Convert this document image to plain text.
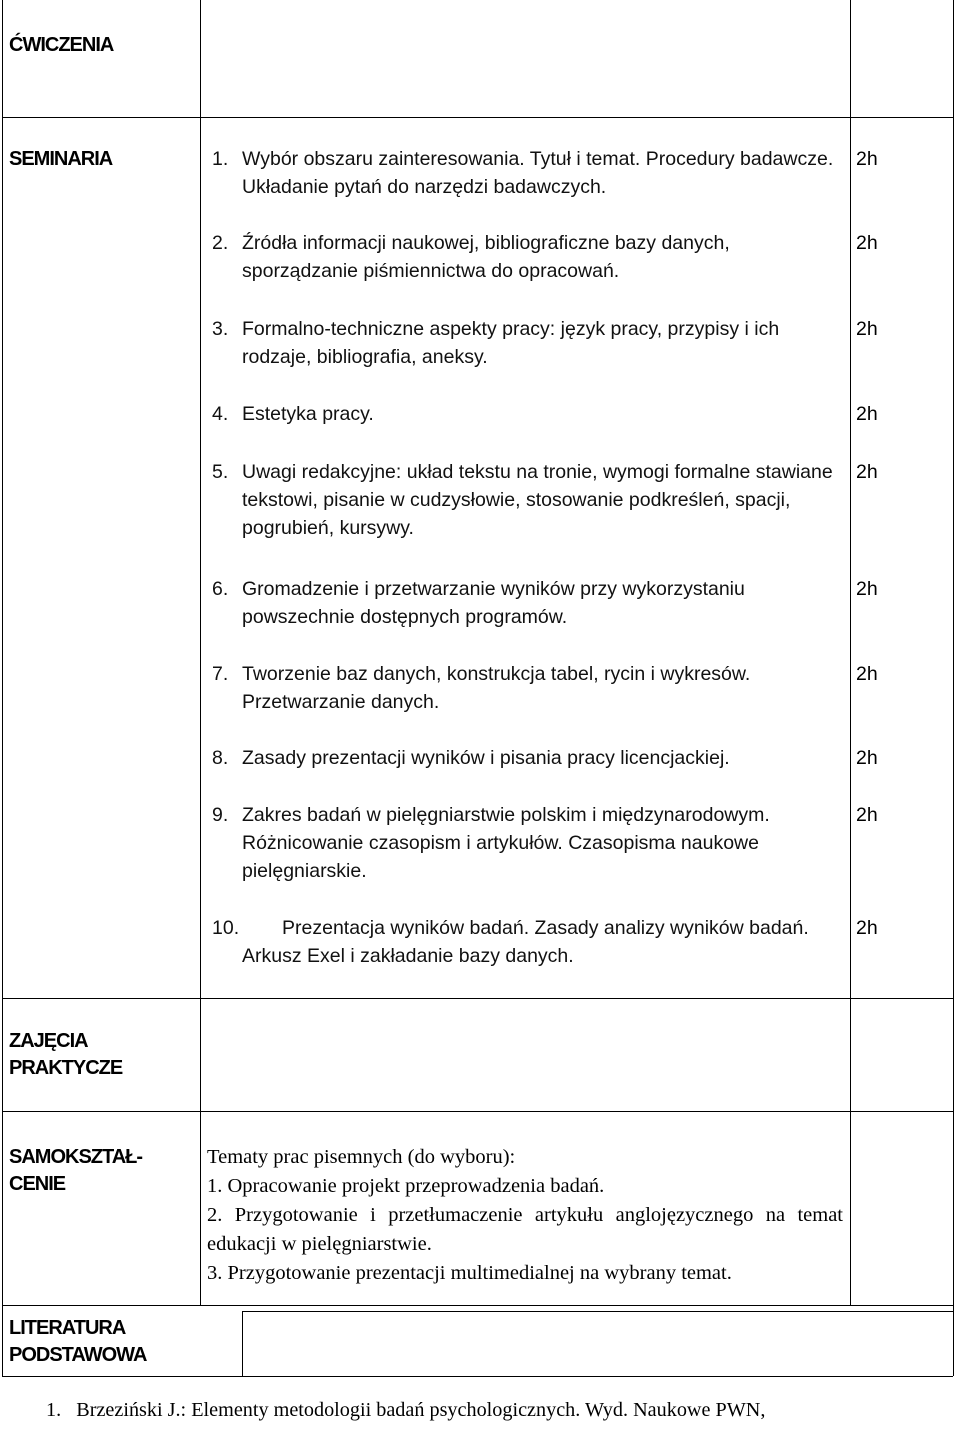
ĆWICZENIA
SEMINARIA	1. Wybór obszaru zainteresowania. Tytuł i temat. Procedury badawcze. Układanie pytań do narzędzi badawczych.
2h
2. Źródła informacji naukowej, bibliograficzne bazy danych, sporządzanie piśmiennictwa do opracowań.
2h
3. Formalno-techniczne aspekty pracy: język pracy, przypisy i ich rodzaje, bibliografia, aneksy.
2h
4. Estetyka pracy.	2h
5. Uwagi redakcyjne: układ tekstu na tronie, wymogi formalne stawiane tekstowi, pisanie w cudzysłowie, stosowanie podkreśleń, spacji, pogrubień, kursywy.
2h
6. Gromadzenie i przetwarzanie wyników przy wykorzystaniu powszechnie dostępnych programów.
2h
7. Tworzenie baz danych, konstrukcja tabel, rycin i wykresów. Przetwarzanie danych.
2h
8. Zasady prezentacji wyników i pisania pracy licencjackiej.	2h
9. Zakres badań w pielęgniarstwie polskim i międzynarodowym. Różnicowanie czasopism i artykułów. Czasopisma naukowe pielęgniarskie.
2h
10.	Prezentacja wyników badań. Zasady analizy wyników badań. Arkusz Exel i zakładanie bazy danych.
2h
ZAJĘCIA
PRAKTYCZE
SAMOKSZTAŁ-
CENIE
Tematy prac pisemnych (do wyboru):
1. Opracowanie projekt przeprowadzenia badań.
2. Przygotowanie i przetłumaczenie artykułu anglojęzycznego na temat edukacji w pielęgniarstwie.
3. Przygotowanie prezentacji multimedialnej na wybrany temat.
LITERATURA
PODSTAWOWA
1.   Brzeziński J.: Elementy metodologii badań psychologicznych. Wyd. Naukowe PWN,
